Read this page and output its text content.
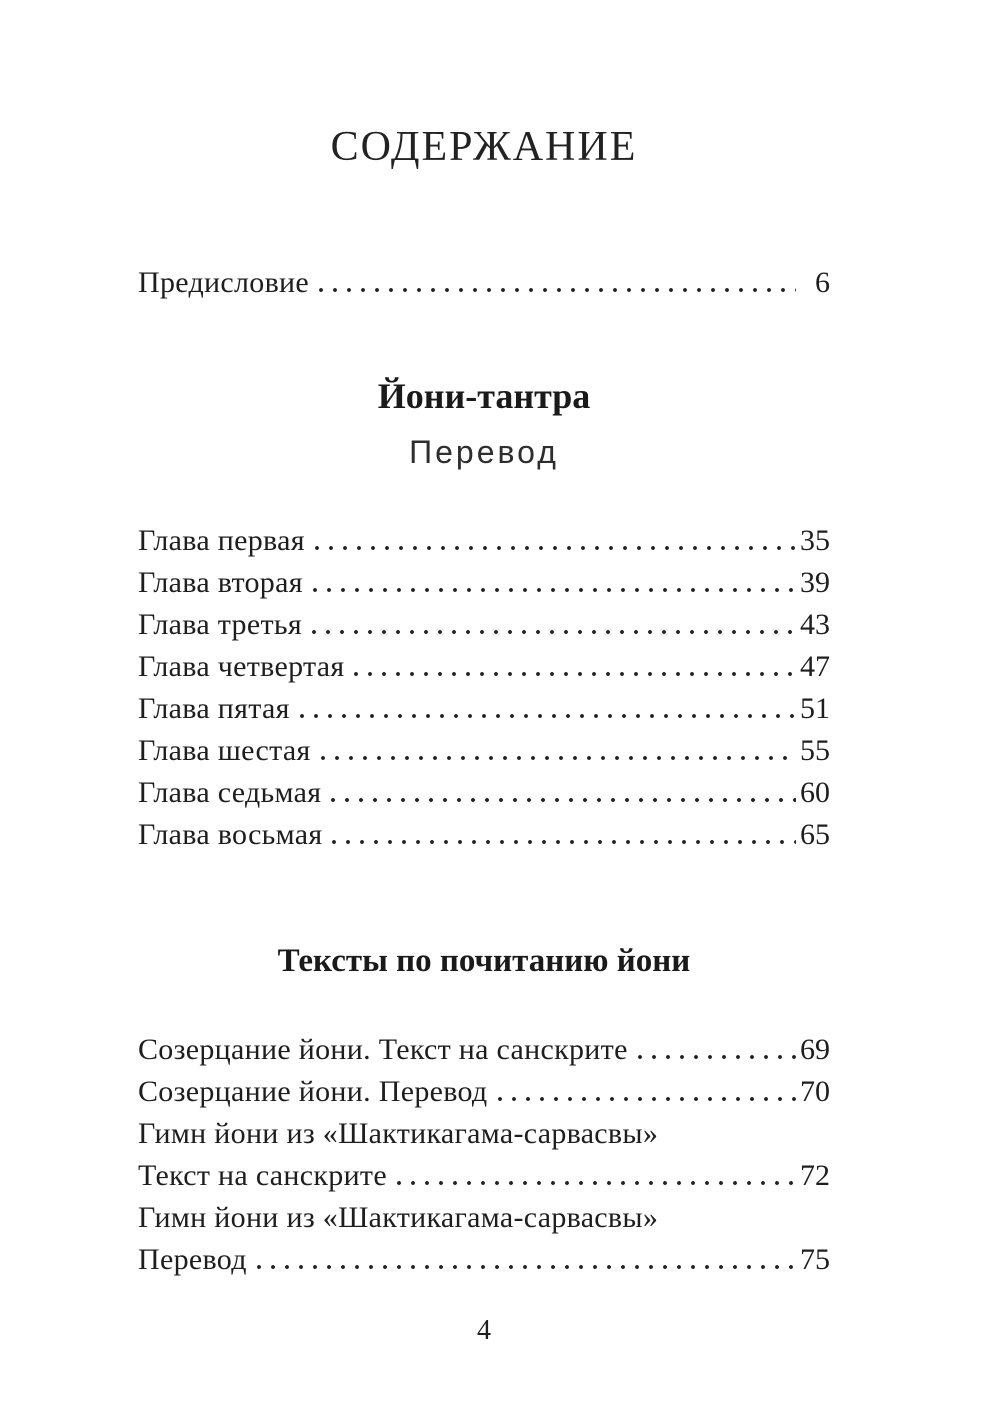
СОДЕРЖАНИЕ
Предисловие	6
Йони-тантра
Перевод
Глава первая	35
Глава вторая	39
Глава третья	43
Глава четвертая	47
Глава пятая	51
Глава шестая	55
Глава седьмая	60
Глава восьмая	65
Тексты по почитанию йони
Созерцание йони. Текст на санскрите	69
Созерцание йони. Перевод	70
Гимн йони из «Шактикагама-сарвасвы»
Текст на санскрите	72
Гимн йони из «Шактикагама-сарвасвы»
Перевод	75
4
